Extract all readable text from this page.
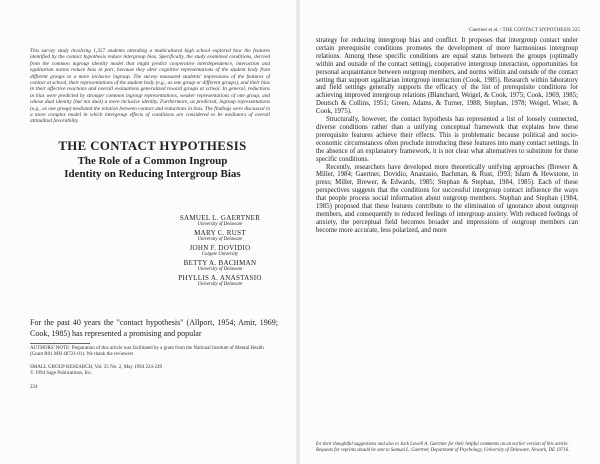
This survey study involving 1,357 students attending a multicultural high school explored how the features identified by the contact hypothesis reduce intergroup bias. Specifically, the study examined conditions, derived from the common ingroup identity model that might predict cooperative interdependence, interaction and egalitarian norms reduce bias in part, because they alter cognitive representations of the student body from different groups to a more inclusive ingroup. The survey measured students' impressions of the features of contact at school, their representations of the student body (e.g., as one group or different groups), and their bias in their affective reactions and overall evaluations generalized toward groups at school. In general, reductions in bias were predicted by stronger common ingroup representations, weaker representations of one group, and whose dual identity (but not dual) a more inclusive identity. Furthermore, as predicted, ingroup representations (e.g., as one group) mediated the relation between contact and reductions in bias. The findings were discussed in a more complex model in which intergroup effects of conditions are considered to be mediators of overall attitudinal favorability.
THE CONTACT HYPOTHESIS
The Role of a Common Ingroup
Identity on Reducing Intergroup Bias
SAMUEL L. GAERTNER
University of Delaware
MARY C. RUST
University of Delaware
JOHN F. DOVIDIO
Colgate University
BETTY A. BACHMAN
University of Delaware
PHYLLIS A. ANASTASIO
University of Delaware
For the past 40 years the "contact hypothesis" (Allport, 1954; Amir, 1969; Cook, 1985) has represented a promising and popular
AUTHORS' NOTE: Preparation of this article was facilitated by a grant from the National Institute of Mental Health (Grant R01 MH 48721-01). We thank the reviewers
SMALL GROUP RESEARCH, Vol. 25 No. 2, May 1994 224-249
© 1994 Sage Publications, Inc.
224
Gaertner et al. / THE CONTACT HYPOTHESIS 225

strategy for reducing intergroup bias and conflict. It proposes that intergroup contact under certain prerequisite conditions promotes the development of more harmonious intergroup relations. Among these specific conditions are equal status between the groups (optimally within and outside of the contact setting), cooperative intergroup interaction, opportunities for personal acquaintance between outgroup members, and norms within and outside of the contact setting that support egalitarian intergroup interaction (Cook, 1985). Research within laboratory and field settings generally supports the efficacy of the list of prerequisite conditions for achieving improved intergroup relations (Blanchard, Weigel, & Cook, 1975; Cook, 1969, 1985; Deutsch & Collins, 1951; Green, Adams, & Turner, 1988; Stephan, 1978; Weigel, Wiser, & Cook, 1975).

Structurally, however, the contact hypothesis has represented a list of loosely connected, diverse conditions rather than a unifying conceptual framework that explains how these prerequisite features achieve their effects. This is problematic because political and socio-economic circumstances often preclude introducing these features into many contact settings. In the absence of an explanatory framework, it is not clear what alternatives to substitute for these specific conditions.

Recently, researchers have developed more theoretically unifying approaches (Brewer & Miller, 1984; Gaertner, Dovidio, Anastasio, Bachman, & Rust, 1993; Islam & Hewstone, in press; Miller, Brewer, & Edwards, 1985; Stephan & Stephan, 1984, 1985). Each of these perspectives suggests that the conditions for successful intergroup contact influence the ways that people process social information about outgroup members. Stephan and Stephan (1984, 1985) proposed that these features contribute to the elimination of ignorance about outgroup members, and consequently to reduced feelings of intergroup anxiety. With reduced feelings of anxiety, the perceptual field becomes broader and impressions of outgroup members can become more accurate, less polarized, and more

for their thoughtful suggestions and also to Jack Lowell A. Gaertner for their helpful comments on an earlier version of this article. Requests for reprints should be sent to Samuel L. Gaertner, Department of Psychology, University of Delaware, Newark, DE 19716.
